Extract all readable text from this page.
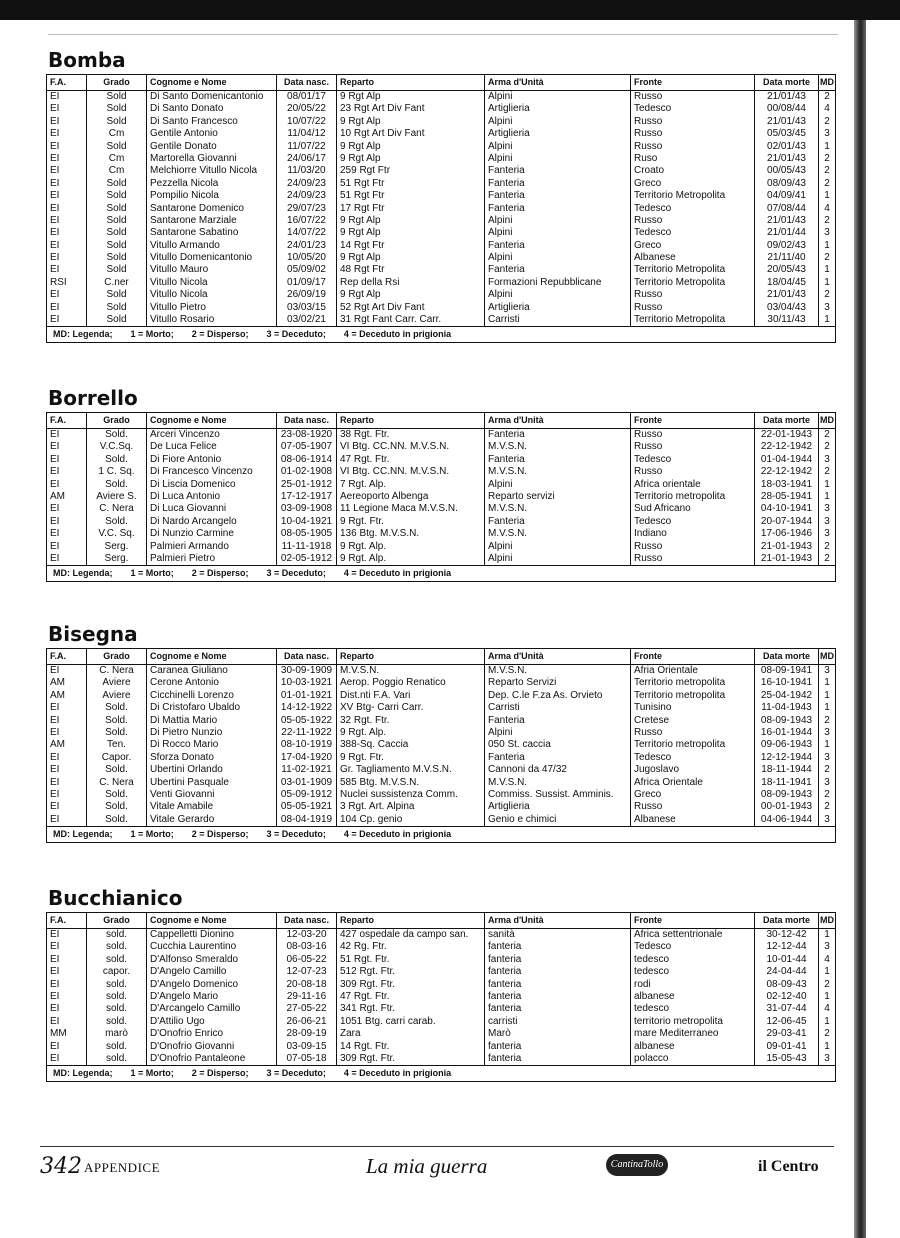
Bomba
F.A.	Grado	Cognome e Nome	Data nasc.	Reparto	Arma d'Unità	Fronte	Data morte	MD
EI	Sold	Di Santo Domenicantonio	08/01/17	9 Rgt Alp	Alpini	Russo	21/01/43	2
EI	Sold	Di Santo Donato	20/05/22	23 Rgt Art Div Fant	Artiglieria	Tedesco	00/08/44	4
EI	Sold	Di Santo Francesco	10/07/22	9 Rgt Alp	Alpini	Russo	21/01/43	2
EI	Cm	Gentile Antonio	11/04/12	10 Rgt Art Div Fant	Artiglieria	Russo	05/03/45	3
EI	Sold	Gentile Donato	11/07/22	9 Rgt Alp	Alpini	Russo	02/01/43	1
EI	Cm	Martorella Giovanni	24/06/17	9 Rgt Alp	Alpini	Ruso	21/01/43	2
EI	Cm	Melchiorre Vitullo Nicola	11/03/20	259 Rgt Ftr	Fanteria	Croato	00/05/43	2
EI	Sold	Pezzella Nicola	24/09/23	51 Rgt Ftr	Fanteria	Greco	08/09/43	2
EI	Sold	Pompilio Nicola	24/09/23	51 Rgt Ftr	Fanteria	Territorio Metropolita	04/09/41	1
EI	Sold	Santarone Domenico	29/07/23	17 Rgt Ftr	Fanteria	Tedesco	07/08/44	4
EI	Sold	Santarone Marziale	16/07/22	9 Rgt Alp	Alpini	Russo	21/01/43	2
EI	Sold	Santarone Sabatino	14/07/22	9 Rgt Alp	Alpini	Tedesco	21/01/44	3
EI	Sold	Vitullo Armando	24/01/23	14 Rgt Ftr	Fanteria	Greco	09/02/43	1
EI	Sold	Vitullo Domenicantonio	10/05/20	9 Rgt Alp	Alpini	Albanese	21/11/40	2
EI	Sold	Vitullo Mauro	05/09/02	48 Rgt Ftr	Fanteria	Territorio Metropolita	20/05/43	1
RSI	C.ner	Vitullo Nicola	01/09/17	Rep della Rsi	Formazioni Repubblicane	Territorio Metropolita	18/04/45	1
EI	Sold	Vitullo Nicola	26/09/19	9 Rgt Alp	Alpini	Russo	21/01/43	2
EI	Sold	Vitullo Pietro	03/03/15	52 Rgt Art Div Fant	Artiglieria	Russo	03/04/43	3
EI	Sold	Vitullo Rosario	03/02/21	31 Rgt Fant Carr. Carr.	Carristi	Territorio Metropolita	30/11/43	1
MD: Legenda; 1 = Morto; 2 = Disperso; 3 = Deceduto; 4 = Deceduto in prigionia
Borrello
F.A.	Grado	Cognome e Nome	Data nasc.	Reparto	Arma d'Unità	Fronte	Data morte	MD
EI	Sold.	Arceri Vincenzo	23-08-1920 38 Rgt. Ftr.	Fanteria	Russo	22-01-1943	2
EI	V.C.Sq.	De Luca Felice	07-05-1907 VI Btg. CC.NN. M.V.S.N.	M.V.S.N.	Russo	22-12-1942	2
EI	Sold.	Di Fiore Antonio	08-06-1914 47 Rgt. Ftr.	Fanteria	Tedesco	01-04-1944	3
EI	1 C. Sq.	Di Francesco Vincenzo	01-02-1908 VI Btg. CC.NN. M.V.S.N.	M.V.S.N.	Russo	22-12-1942	2
EI	Sold.	Di Liscia Domenico	25-01-1912 7 Rgt. Alp.	Alpini	Africa orientale	18-03-1941	1
AM	Aviere S.	Di Luca Antonio	17-12-1917 Aereoporto Albenga	Reparto servizi	Territorio metropolita	28-05-1941	1
EI	C. Nera	Di Luca Giovanni	03-09-1908 11 Legione Maca M.V.S.N.	M.V.S.N.	Sud Africano	04-10-1941	3
EI	Sold.	Di Nardo Arcangelo	10-04-1921 9 Rgt. Ftr.	Fanteria	Tedesco	20-07-1944	3
EI	V.C. Sq.	Di Nunzio Carmine	08-05-1905 136 Btg. M.V.S.N.	M.V.S.N.	Indiano	17-06-1946	3
EI	Serg.	Palmieri Armando	11-11-1918 9 Rgt. Alp.	Alpini	Russo	21-01-1943	2
EI	Serg.	Palmieri Pietro	02-05-1912 9 Rgt. Alp.	Alpini	Russo	21-01-1943	2
MD: Legenda; 1 = Morto; 2 = Disperso; 3 = Deceduto; 4 = Deceduto in prigionia
Bisegna
F.A.	Grado	Cognome e Nome	Data nasc.	Reparto	Arma d'Unità	Fronte	Data morte	MD
EI	C. Nera	Caranea Giuliano	30-09-1909 M.V.S.N.	M.V.S.N.	Afria Orientale	08-09-1941	3
AM	Aviere	Cerone Antonio	10-03-1921 Aerop. Poggio Renatico	Reparto Servizi	Territorio metropolita	16-10-1941	1
AM	Aviere	Cicchinelli Lorenzo	01-01-1921 Dist.nti F.A. Vari	Dep. C.le F.za As. Orvieto	Territorio metropolita	25-04-1942	1
EI	Sold.	Di Cristofaro Ubaldo	14-12-1922 XV Btg- Carri Carr.	Carristi	Tunisino	11-04-1943	1
EI	Sold.	Di Mattia Mario	05-05-1922 32 Rgt. Ftr.	Fanteria	Cretese	08-09-1943	2
EI	Sold.	Di Pietro Nunzio	22-11-1922 9 Rgt. Alp.	Alpini	Russo	16-01-1944	3
AM	Ten.	Di Rocco Mario	08-10-1919 388-Sq. Caccia	050 St. caccia	Territorio metropolita	09-06-1943	1
EI	Capor.	Sforza Donato	17-04-1920 9 Rgt. Ftr.	Fanteria	Tedesco	12-12-1944	3
EI	Sold.	Ubertini Orlando	11-02-1921 Gr. Tagliamento M.V.S.N.	Cannoni da 47/32	Jugoslavo	18-11-1944	2
EI	C. Nera	Ubertini Pasquale	03-01-1909 585 Btg. M.V.S.N.	M.V.S.N.	Africa Orientale	18-11-1941	3
EI	Sold.	Venti Giovanni	05-09-1912 Nuclei sussistenza Comm.	Commiss. Sussist. Amminis.	Greco	08-09-1943	2
EI	Sold.	Vitale Amabile	05-05-1921 3 Rgt. Art. Alpina	Artiglieria	Russo	00-01-1943	2
EI	Sold.	Vitale Gerardo	08-04-1919 104 Cp. genio	Genio e chimici	Albanese	04-06-1944	3
MD: Legenda; 1 = Morto; 2 = Disperso; 3 = Deceduto; 4 = Deceduto in prigionia
Bucchianico
F.A.	Grado	Cognome e Nome	Data nasc.	Reparto	Arma d'Unità	Fronte	Data morte	MD
EI	sold.	Cappelletti Dionino	12-03-20	427 ospedale da campo san.	sanità	Africa settentrionale	30-12-42	1
EI	sold.	Cucchia Laurentino	08-03-16	42 Rg. Ftr.	fanteria	Tedesco	12-12-44	3
EI	sold.	D'Alfonso Smeraldo	06-05-22	51 Rgt. Ftr.	fanteria	tedesco	10-01-44	4
EI	capor.	D'Angelo Camillo	12-07-23	512 Rgt. Ftr.	fanteria	tedesco	24-04-44	1
EI	sold.	D'Angelo Domenico	20-08-18	309 Rgt. Ftr.	fanteria	rodi	08-09-43	2
EI	sold.	D'Angelo Mario	29-11-16	47 Rgt. Ftr.	fanteria	albanese	02-12-40	1
EI	sold.	D'Arcangelo Camillo	27-05-22	341 Rgt. Ftr.	fanteria	tedesco	31-07-44	4
EI	sold.	D'Attilio Ugo	26-06-21	1051 Btg. carri carab.	carristi	territorio metropolita	12-06-45	1
MM	marò	D'Onofrio Enrico	28-09-19	Zara	Marò	mare Mediterraneo	29-03-41	2
EI	sold.	D'Onofrio Giovanni	03-09-15	14 Rgt. Ftr.	fanteria	albanese	09-01-41	1
EI	sold.	D'Onofrio Pantaleone	07-05-18	309 Rgt. Ftr.	fanteria	polacco	15-05-43	3
MD: Legenda; 1 = Morto; 2 = Disperso; 3 = Deceduto; 4 = Deceduto in prigionia
342 APPENDICE	La mia guerra	CantinaTollo	il Centro
